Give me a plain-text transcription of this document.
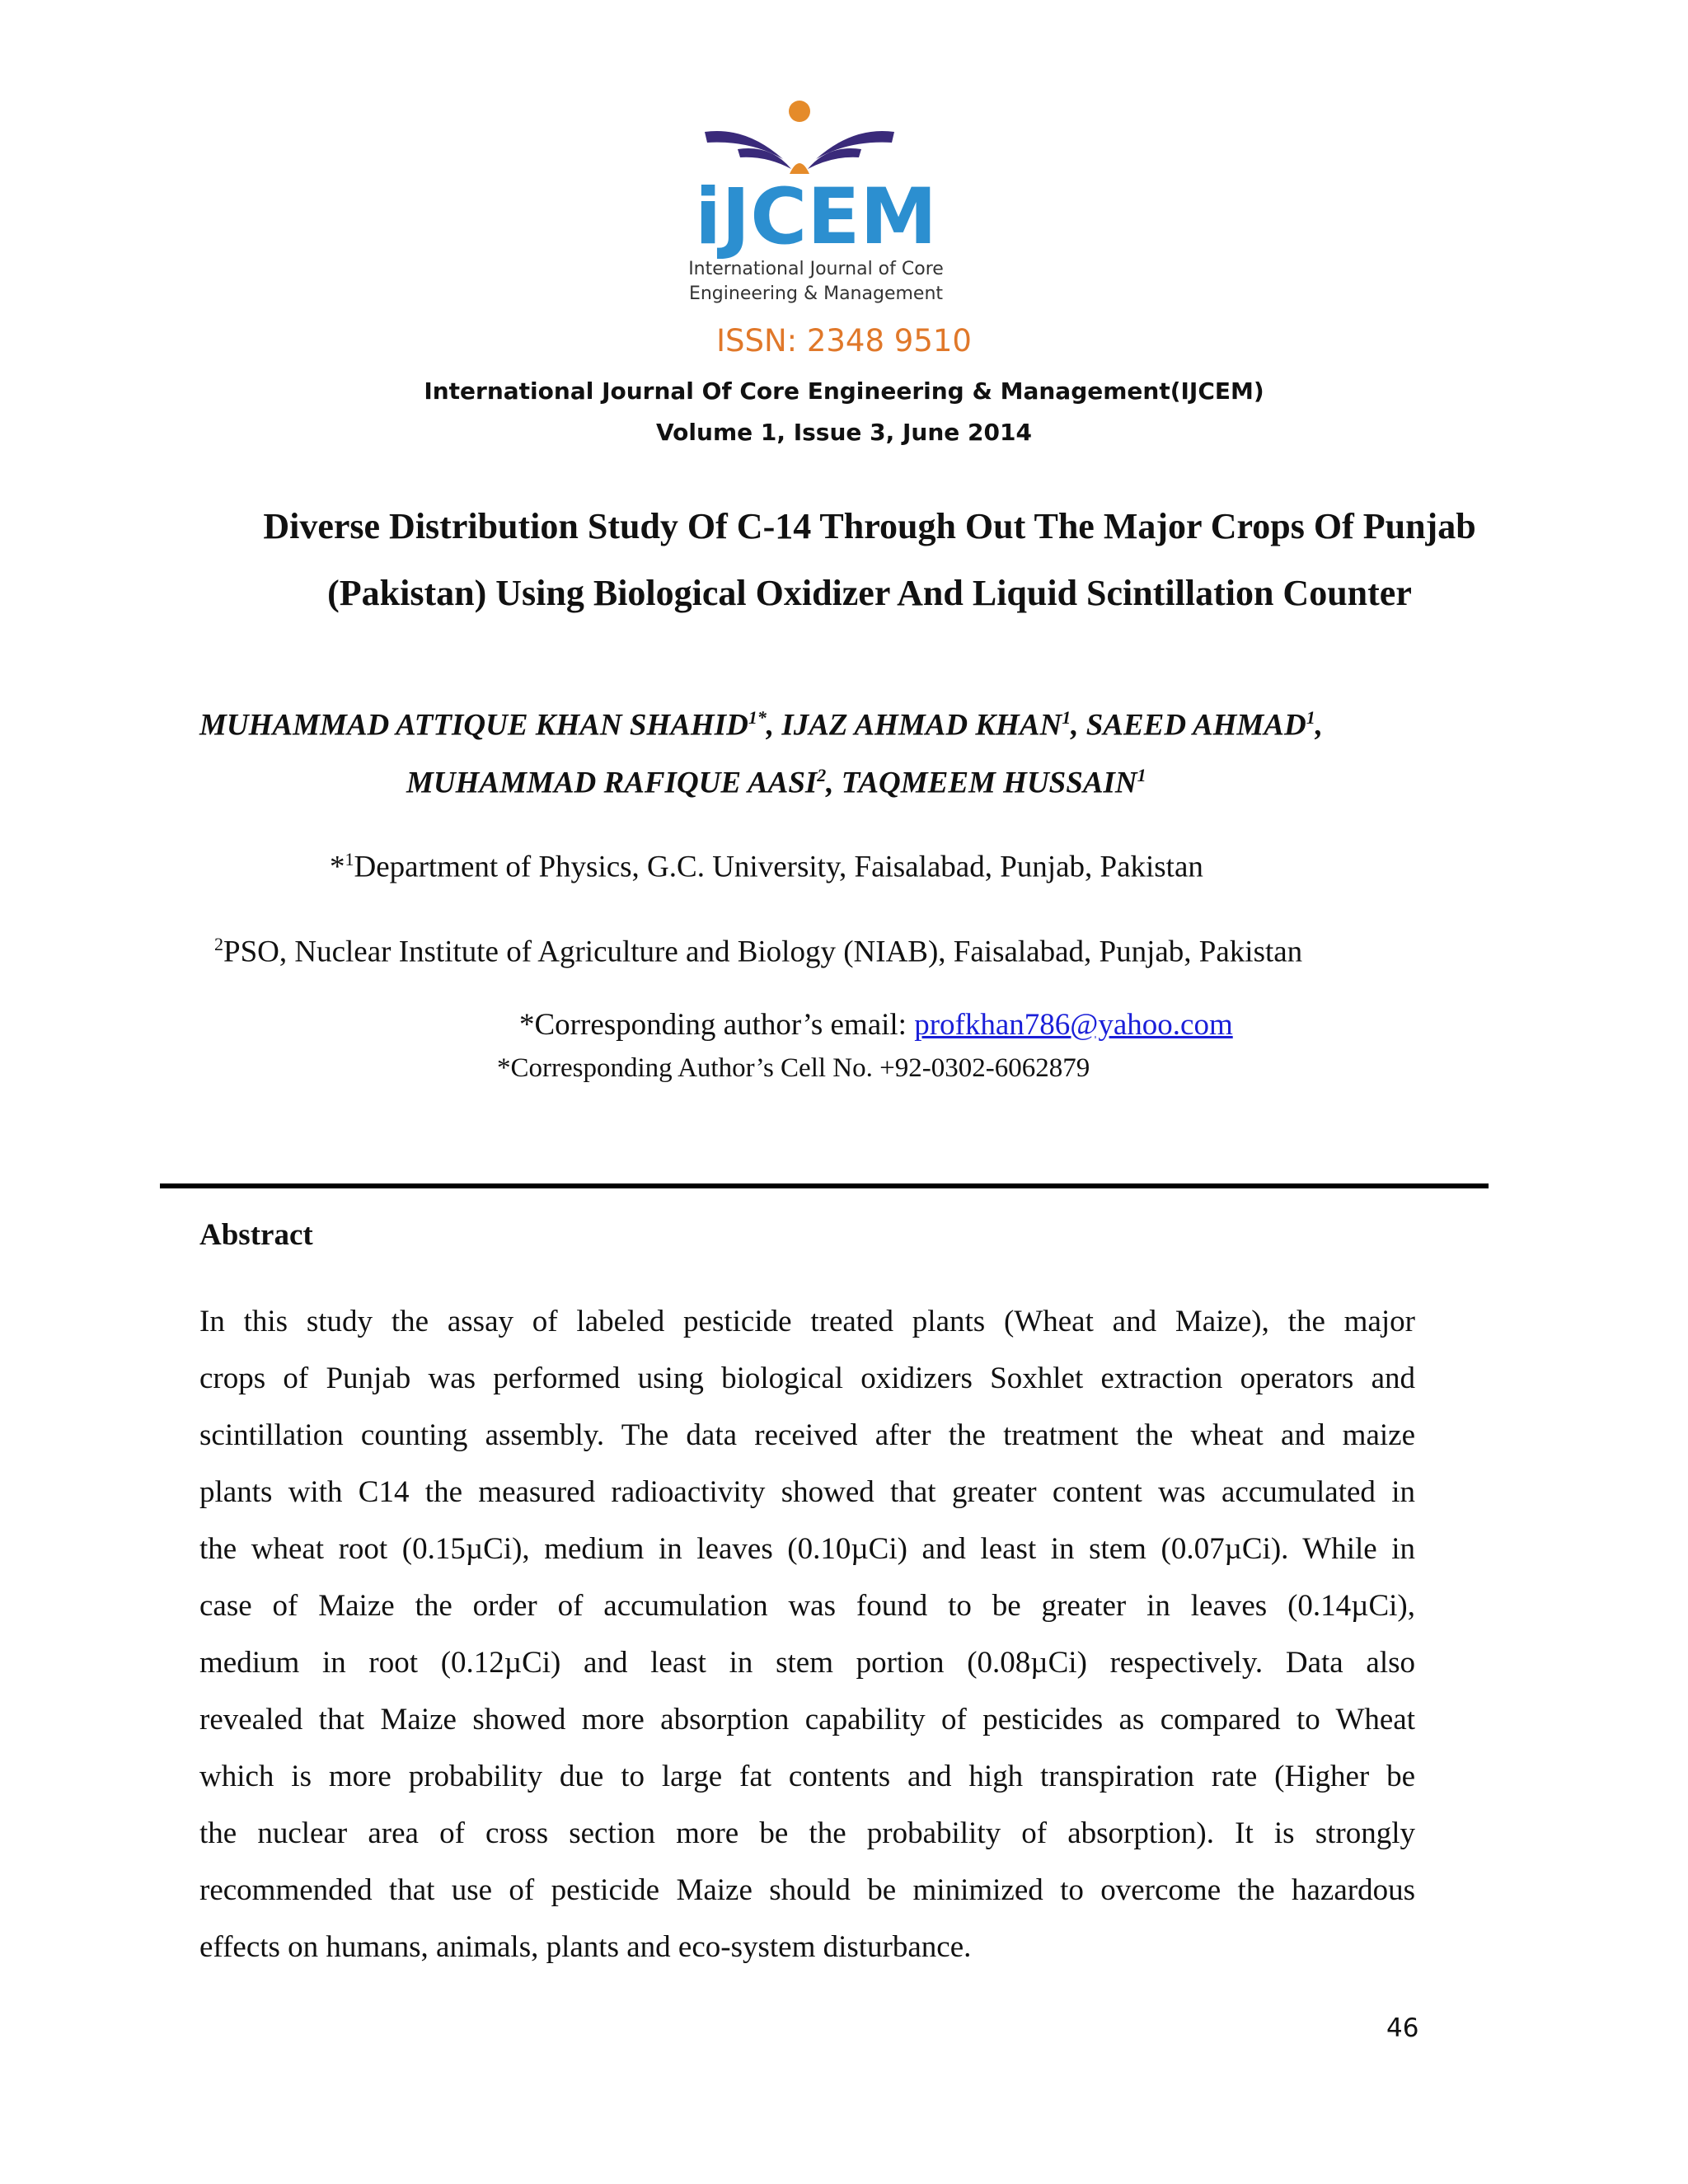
iJCEM
International Journal of Core
Engineering & Management
ISSN: 2348 9510
International Journal Of Core Engineering & Management(IJCEM)
Volume 1, Issue 3, June 2014
Diverse Distribution Study Of C-14 Through Out The Major Crops Of Punjab
(Pakistan) Using Biological Oxidizer And Liquid Scintillation Counter
MUHAMMAD ATTIQUE KHAN $SHAHID^{1*}$, IJAZ AHMAD KHAN$^1$, SAEED AHMAD$^1$,
MUHAMMAD RAFIQUE AASI$^2$, TAQMEEM HUSSAIN$^1$
*$^1$Department of Physics, G.C. University, Faisalabad, Punjab, Pakistan
$^2$PSO, Nuclear Institute of Agriculture and Biology (NIAB), Faisalabad, Punjab, Pakistan
*Corresponding author’s email: profkhan786@yahoo.com
*Corresponding Author’s Cell No. +92-0302-6062879
Abstract
In this study the assay of labeled pesticide treated plants (Wheat and Maize), the major
crops of Punjab was performed using biological oxidizers Soxhlet extraction operators and
scintillation counting assembly. The data received after the treatment the wheat and maize
plants with C14 the measured radioactivity showed that greater content was accumulated in
the wheat root (0.15µCi), medium in leaves (0.10µCi) and least in stem (0.07µCi). While in
case of Maize the order of accumulation was found to be greater in leaves (0.14µCi),
medium in root (0.12µCi) and least in stem portion (0.08µCi) respectively. Data also
revealed that Maize showed more absorption capability of pesticides as compared to Wheat
which is more probability due to large fat contents and high transpiration rate (Higher be
the nuclear area of cross section more be the probability of absorption). It is strongly
recommended that use of pesticide Maize should be minimized to overcome the hazardous
effects on humans, animals, plants and eco-system disturbance.
46
